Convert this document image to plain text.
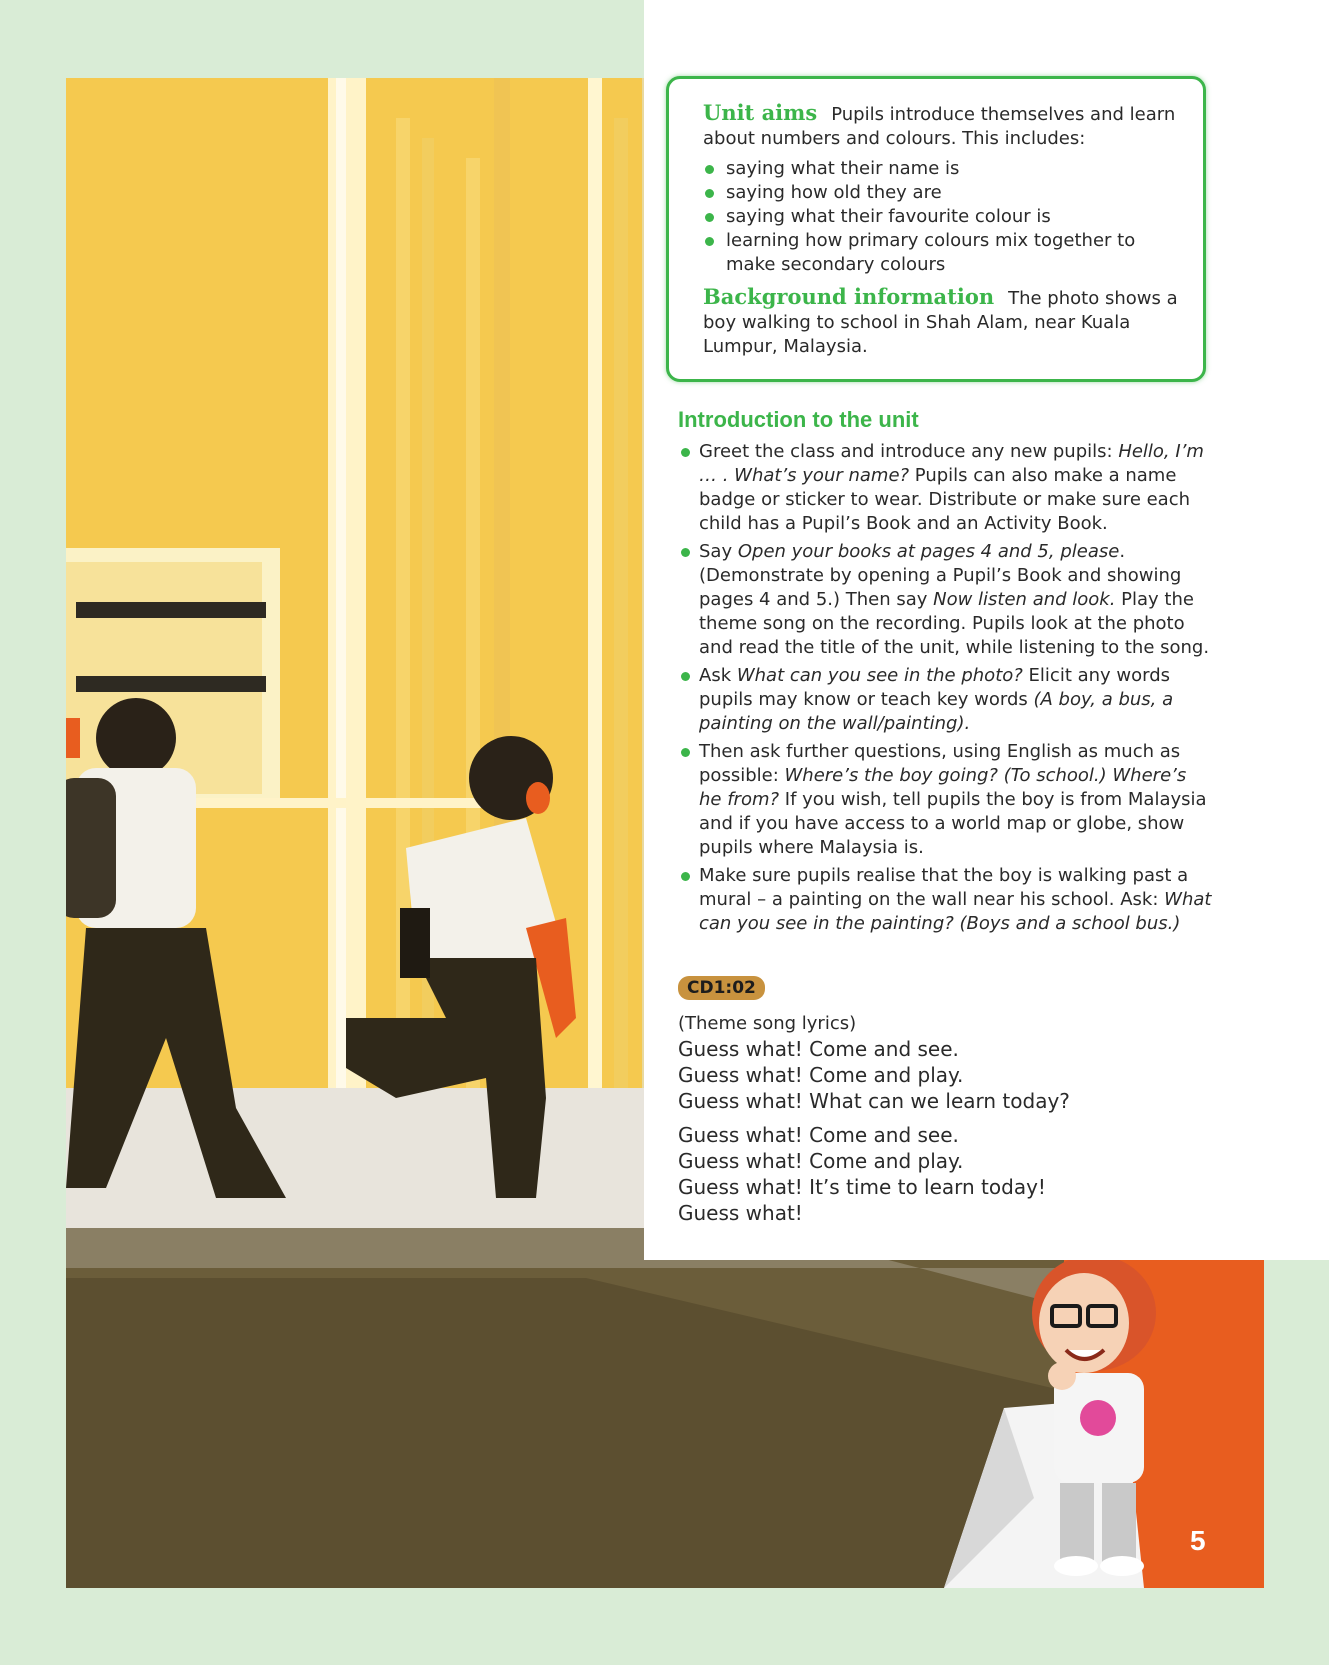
Unit aims Pupils introduce themselves and learn about numbers and colours. This includes:
saying what their name is
saying how old they are
saying what their favourite colour is
learning how primary colours mix together to make secondary colours
Background information The photo shows a boy walking to school in Shah Alam, near Kuala Lumpur, Malaysia.
Introduction to the unit
Greet the class and introduce any new pupils: Hello, I’m … . What’s your name? Pupils can also make a name badge or sticker to wear. Distribute or make sure each child has a Pupil’s Book and an Activity Book.
Say Open your books at pages 4 and 5, please. (Demonstrate by opening a Pupil’s Book and showing pages 4 and 5.) Then say Now listen and look. Play the theme song on the recording. Pupils look at the photo and read the title of the unit, while listening to the song.
Ask What can you see in the photo? Elicit any words pupils may know or teach key words (A boy, a bus, a painting on the wall/painting).
Then ask further questions, using English as much as possible: Where’s the boy going? (To school.) Where’s he from? If you wish, tell pupils the boy is from Malaysia and if you have access to a world map or globe, show pupils where Malaysia is.
Make sure pupils realise that the boy is walking past a mural – a painting on the wall near his school. Ask: What can you see in the painting? (Boys and a school bus.)
CD1:02
(Theme song lyrics)
Guess what! Come and see.
Guess what! Come and play.
Guess what! What can we learn today?
Guess what! Come and see.
Guess what! Come and play.
Guess what! It’s time to learn today!
Guess what!
5
